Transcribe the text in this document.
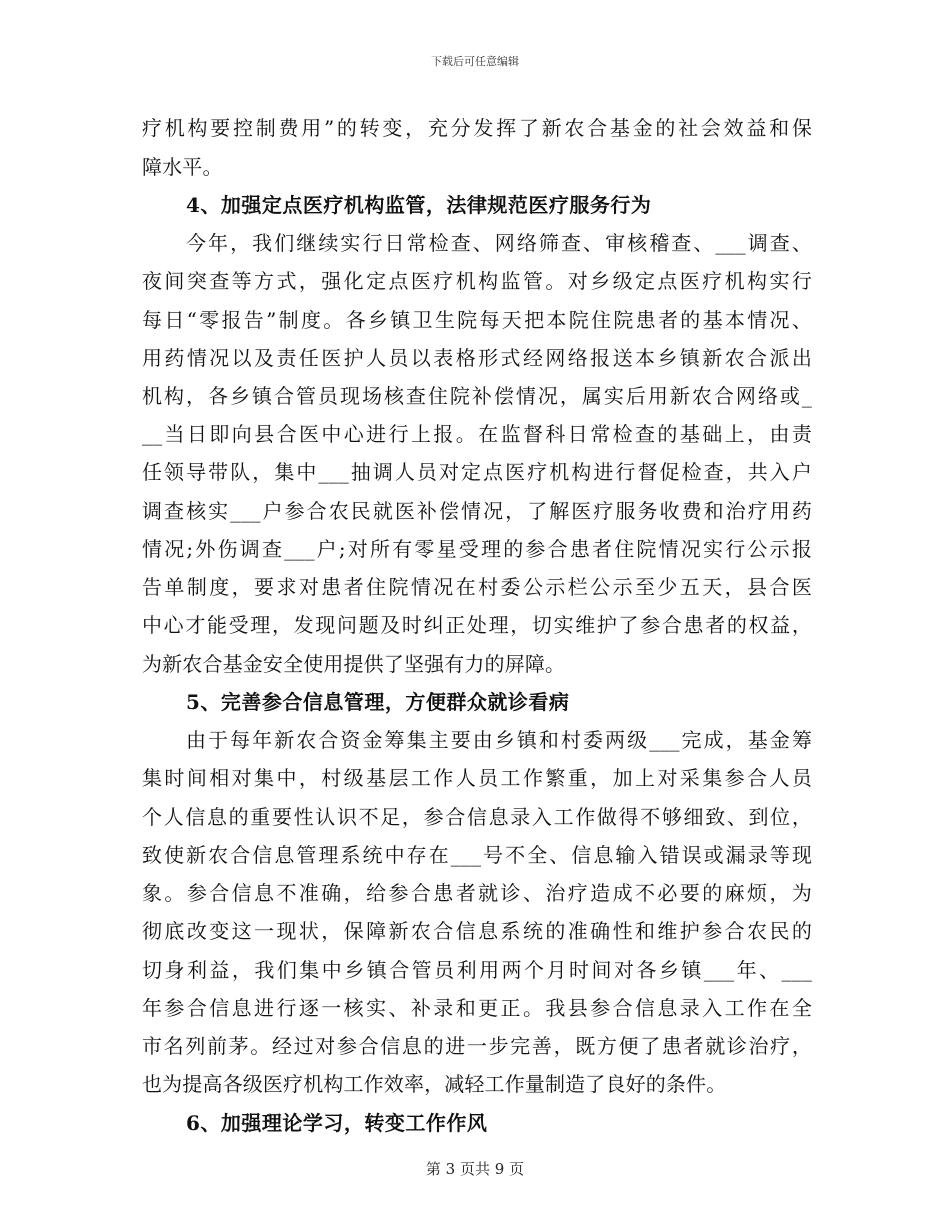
下载后可任意编辑
疗机构要控制费用”的转变，充分发挥了新农合基金的社会效益和保
障水平。
4、加强定点医疗机构监管，法律规范医疗服务行为
今年，我们继续实行日常检查、网络筛查、审核稽查、___调查、
夜间突查等方式，强化定点医疗机构监管。对乡级定点医疗机构实行
每日“零报告”制度。各乡镇卫生院每天把本院住院患者的基本情况、
用药情况以及责任医护人员以表格形式经网络报送本乡镇新农合派出
机构，各乡镇合管员现场核查住院补偿情况，属实后用新农合网络或_
__当日即向县合医中心进行上报。在监督科日常检查的基础上，由责
任领导带队，集中___抽调人员对定点医疗机构进行督促检查，共入户
调查核实___户参合农民就医补偿情况，了解医疗服务收费和治疗用药
情况;外伤调查___户;对所有零星受理的参合患者住院情况实行公示报
告单制度，要求对患者住院情况在村委公示栏公示至少五天，县合医
中心才能受理，发现问题及时纠正处理，切实维护了参合患者的权益，
为新农合基金安全使用提供了坚强有力的屏障。
5、完善参合信息管理，方便群众就诊看病
由于每年新农合资金筹集主要由乡镇和村委两级___完成，基金筹
集时间相对集中，村级基层工作人员工作繁重，加上对采集参合人员
个人信息的重要性认识不足，参合信息录入工作做得不够细致、到位，
致使新农合信息管理系统中存在___号不全、信息输入错误或漏录等现
象。参合信息不准确，给参合患者就诊、治疗造成不必要的麻烦，为
彻底改变这一现状，保障新农合信息系统的准确性和维护参合农民的
切身利益，我们集中乡镇合管员利用两个月时间对各乡镇___年、___
年参合信息进行逐一核实、补录和更正。我县参合信息录入工作在全
市名列前茅。经过对参合信息的进一步完善，既方便了患者就诊治疗，
也为提高各级医疗机构工作效率，减轻工作量制造了良好的条件。
6、加强理论学习，转变工作作风
第 3 页共 9 页
